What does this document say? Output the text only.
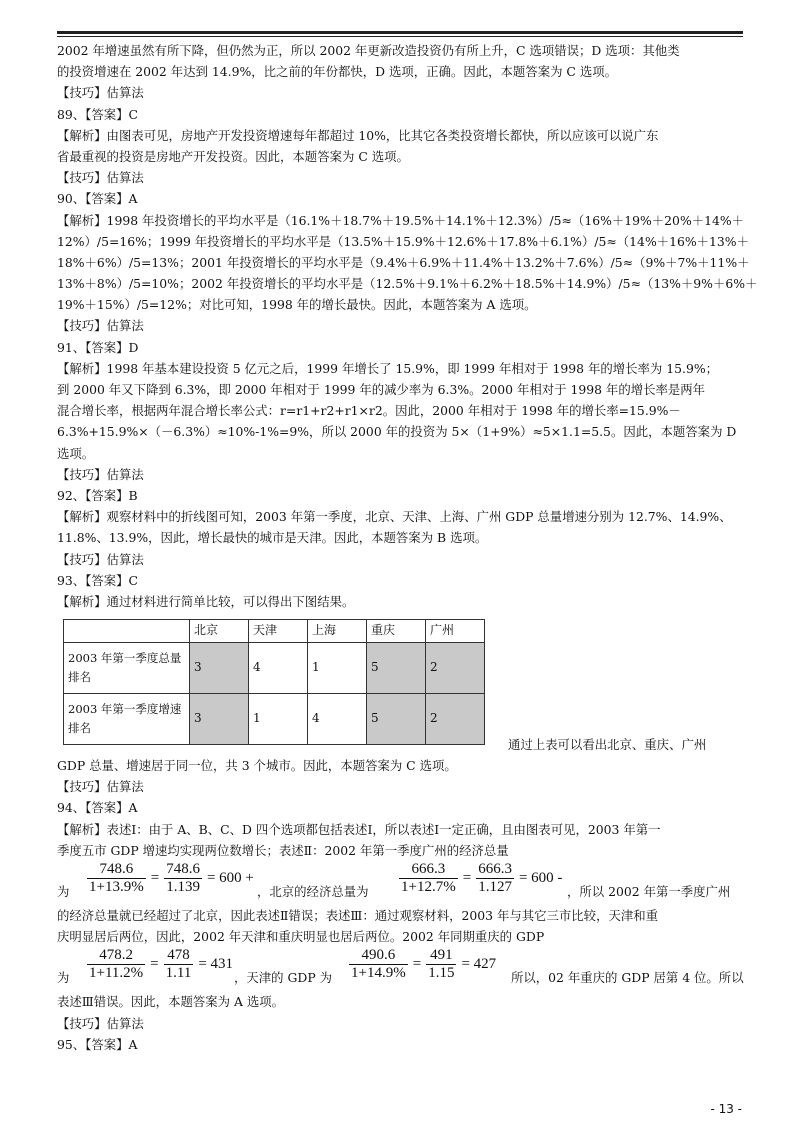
2002 年增速虽然有所下降，但仍然为正，所以 2002 年更新改造投资仍有所上升，C 选项错误；D 选项：其他类
的投资增速在 2002 年达到 14.9%，比之前的年份都快，D 选项，正确。因此，本题答案为 C 选项。
【技巧】估算法
89、【答案】C
【解析】由图表可见，房地产开发投资增速每年都超过 10%，比其它各类投资增长都快，所以应该可以说广东
省最重视的投资是房地产开发投资。因此，本题答案为 C 选项。
【技巧】估算法
90、【答案】A
【解析】1998 年投资增长的平均水平是（16.1%＋18.7%＋19.5%＋14.1%＋12.3%）/5≈（16%＋19%＋20%＋14%＋
12%）/5=16%；1999 年投资增长的平均水平是（13.5%＋15.9%＋12.6%＋17.8%＋6.1%）/5≈（14%＋16%＋13%＋
18%＋6%）/5=13%；2001 年投资增长的平均水平是（9.4%＋6.9%＋11.4%＋13.2%＋7.6%）/5≈（9%＋7%＋11%＋
13%＋8%）/5=10%；2002 年投资增长的平均水平是（12.5%＋9.1%＋6.2%＋18.5%＋14.9%）/5≈（13%＋9%＋6%＋
19%＋15%）/5=12%；对比可知，1998 年的增长最快。因此，本题答案为 A 选项。
【技巧】估算法
91、【答案】D
【解析】1998 年基本建设投资 5 亿元之后，1999 年增长了 15.9%，即 1999 年相对于 1998 年的增长率为 15.9%；
到 2000 年又下降到 6.3%，即 2000 年相对于 1999 年的减少率为 6.3%。2000 年相对于 1998 年的增长率是两年
混合增长率，根据两年混合增长率公式：r=r1+r2+r1×r2。因此，2000 年相对于 1998 年的增长率=15.9%－
6.3%+15.9%×（－6.3%）≈10%-1%=9%，所以 2000 年的投资为 5×（1+9%）≈5×1.1=5.5。因此，本题答案为 D
选项。
【技巧】估算法
92、【答案】B
【解析】观察材料中的折线图可知，2003 年第一季度，北京、天津、上海、广州 GDP 总量增速分别为 12.7%、14.9%、
11.8%、13.9%，因此，增长最快的城市是天津。因此，本题答案为 B 选项。
【技巧】估算法
93、【答案】C
【解析】通过材料进行简单比较，可以得出下图结果。
	北京	天津	上海	重庆	广州
2003 年第一季度总量排名	3	4	1	5	2
2003 年第一季度增速排名	3	1	4	5	2
通过上表可以看出北京、重庆、广州
GDP 总量、增速居于同一位，共 3 个城市。因此，本题答案为 C 选项。
【技巧】估算法
94、【答案】A
【解析】表述Ⅰ：由于 A、B、C、D 四个选项都包括表述Ⅰ，所以表述Ⅰ一定正确，且由图表可见，2003 年第一
季度五市 GDP 增速均实现两位数增长；表述Ⅱ：2002 年第一季度广州的经济总量
为 $\frac{748.6}{1+13.9\%} = \frac{748.6}{1.139} = 600$ +
，北京的经济总量为 $\frac{666.3}{1+12.7\%} = \frac{666.3}{1.127} = 600$ -
，所以 2002 年第一季度广州
的经济总量就已经超过了北京，因此表述Ⅱ错误；表述Ⅲ：通过观察材料，2003 年与其它三市比较，天津和重
庆明显居后两位，因此，2002 年天津和重庆明显也居后两位。2002 年同期重庆的 GDP
为 $\frac{478.2}{1+11.2\%} = \frac{478}{1.11} = 431$
，天津的 GDP 为 $\frac{490.6}{1+14.9\%} = \frac{491}{1.15} = 427$
所以，02 年重庆的 GDP 居第 4 位。所以
表述Ⅲ错误。因此，本题答案为 A 选项。
【技巧】估算法
95、【答案】A
- 13 -
